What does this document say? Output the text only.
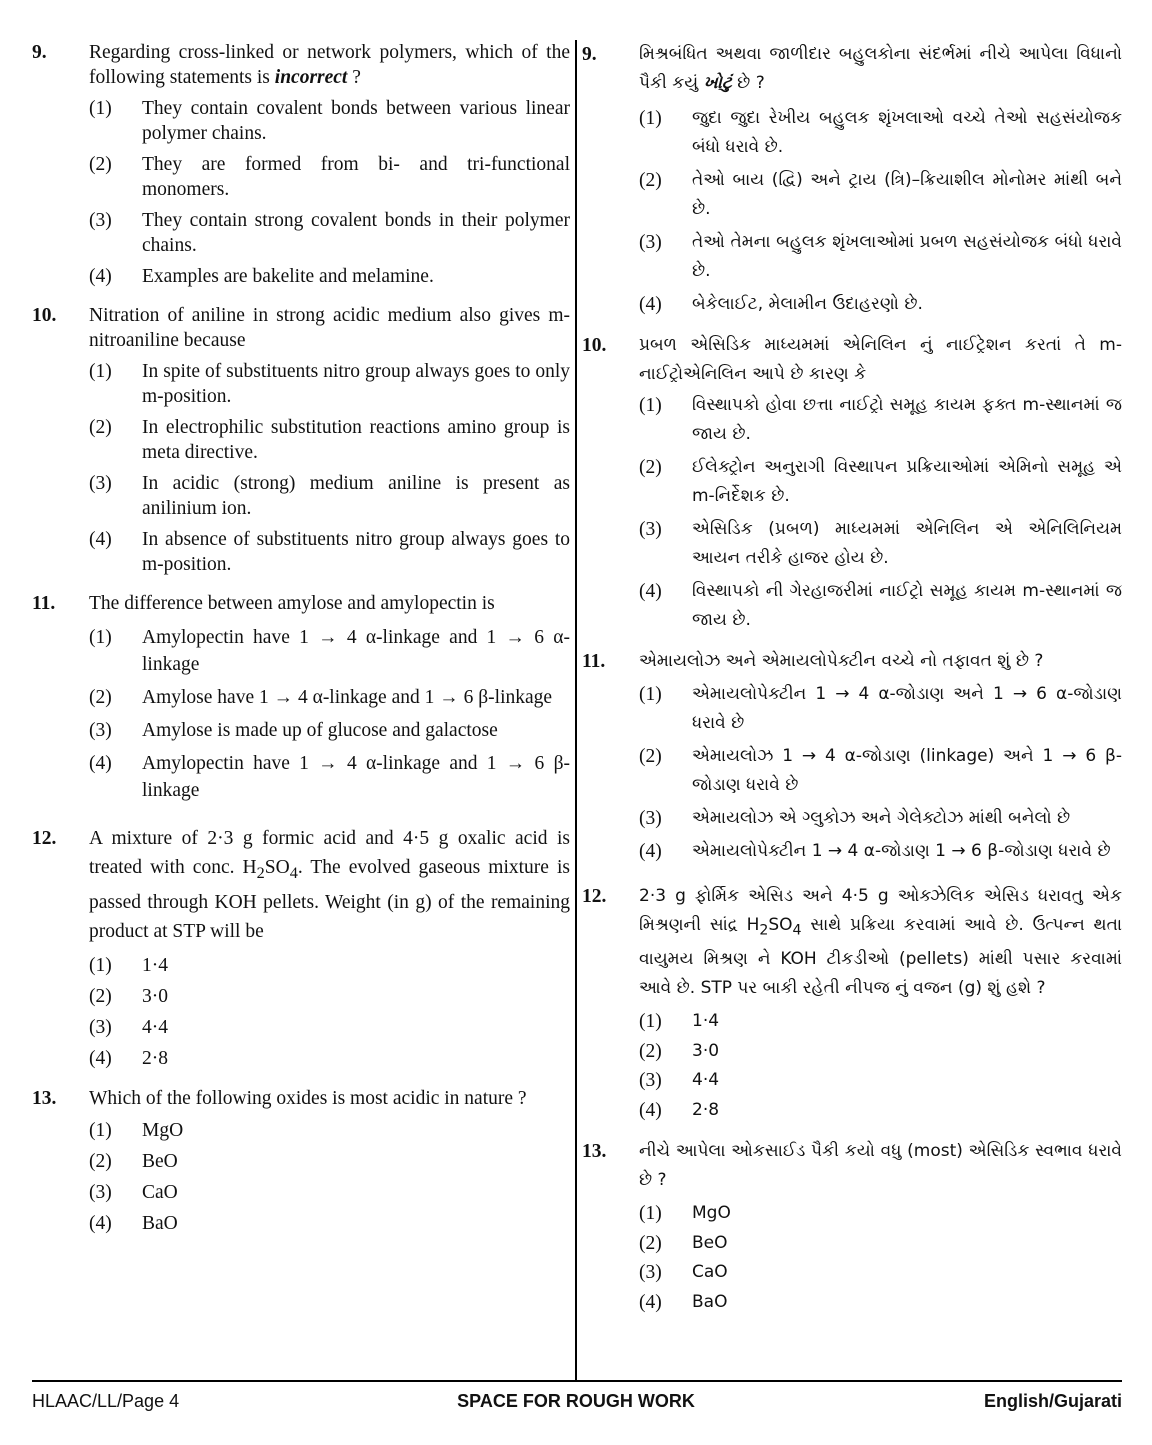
9. Regarding cross-linked or network polymers, which of the following statements is incorrect ?
(1) They contain covalent bonds between various linear polymer chains.
(2) They are formed from bi- and tri-functional monomers.
(3) They contain strong covalent bonds in their polymer chains.
(4) Examples are bakelite and melamine.
10. Nitration of aniline in strong acidic medium also gives m-nitroaniline because
(1) In spite of substituents nitro group always goes to only m-position.
(2) In electrophilic substitution reactions amino group is meta directive.
(3) In acidic (strong) medium aniline is present as anilinium ion.
(4) In absence of substituents nitro group always goes to m-position.
11. The difference between amylose and amylopectin is
(1) Amylopectin have 1 → 4 α-linkage and 1 → 6 α-linkage
(2) Amylose have 1 → 4 α-linkage and 1 → 6 β-linkage
(3) Amylose is made up of glucose and galactose
(4) Amylopectin have 1 → 4 α-linkage and 1 → 6 β-linkage
12. A mixture of 2·3 g formic acid and 4·5 g oxalic acid is treated with conc. $H_2SO_4$. The evolved gaseous mixture is passed through KOH pellets. Weight (in g) of the remaining product at STP will be
(1) 1·4
(2) 3·0
(3) 4·4
(4) 2·8
13. Which of the following oxides is most acidic in nature ?
(1) MgO
(2) BeO
(3) CaO
(4) BaO
9. મિશ્રબંધિત અથવા જાળીદાર બહુલકોના સંદર્ભમાં નીચે આપેલા વિધાનો પૈકી કયું ખોટું છે ?
(1) જુદા જુદા રેખીય બહુલક શૃંખલાઓ વચ્ચે તેઓ સહસંયોજક બંધો ધરાવે છે.
(2) તેઓ બાય (દ્વિ) અને ટ્રાય (ત્રિ)–ક્રિયાશીલ મોનોમર માંથી બને છે.
(3) તેઓ તેમના બહુલક શૃંખલાઓમાં પ્રબળ સહસંયોજક બંધો ધરાવે છે.
(4) બેકેલાઈટ, મેલામીન ઉદાહરણો છે.
10. પ્રબળ એસિડિક માધ્યમમાં એનિલિન નું નાઈટ્રેશન કરતાં તે m-નાઈટ્રોએનિલિન આપે છે કારણ કે
(1) વિસ્થાપકો હોવા છત્તા નાઈટ્રો સમૂહ કાયમ ફક્ત m-સ્થાનમાં જ જાય છે.
(2) ઈલેક્ટ્રોન અનુરાગી વિસ્થાપન પ્રક્રિયાઓમાં એમિનો સમૂહ એ m-નિર્દેશક છે.
(3) એસિડિક (પ્રબળ) માધ્યમમાં એનિલિન એ એનિલિનિયમ આયન તરીકે હાજર હોય છે.
(4) વિસ્થાપકો ની ગેરહાજરીમાં નાઈટ્રો સમૂહ કાયમ m-સ્થાનમાં જ જાય છે.
11. એમાયલોઝ અને એમાયલોપેક્ટીન વચ્ચે નો તફાવત શું છે ?
(1) એમાયલોપેક્ટીન 1 → 4 α-જોડાણ અને 1 → 6 α-જોડાણ ધરાવે છે
(2) એમાયલોઝ 1 → 4 α-જોડાણ (linkage) અને 1 → 6 β-જોડાણ ધરાવે છે
(3) એમાયલોઝ એ ગ્લુકોઝ અને ગેલેક્ટોઝ માંથી બનેલો છે
(4) એમાયલોપેક્ટીન 1 → 4 α-જોડાણ 1 → 6 β-જોડાણ ધરાવે છે
12. 2·3 g ફોર્મિક એસિડ અને 4·5 g ઓક્ઝેલિક એસિડ ધરાવતુ એક મિશ્રણની સાંદ્ર $H_2SO_4$ સાથે પ્રક્રિયા કરવામાં આવે છે. ઉત્પન્ન થતા વાયુમય મિશ્રણ ને KOH ટીકડીઓ (pellets) માંથી પસાર કરવામાં આવે છે. STP પર બાકી રહેતી નીપજ નું વજન (g) શું હશે ?
(1) 1·4
(2) 3·0
(3) 4·4
(4) 2·8
13. નીચે આપેલા ઓકસાઈડ પૈકી કયો વધુ (most) એસિડિક સ્વભાવ ધરાવે છે ?
(1) MgO
(2) BeO
(3) CaO
(4) BaO
HLAAC/LL/Page 4	SPACE FOR ROUGH WORK	English/Gujarati
